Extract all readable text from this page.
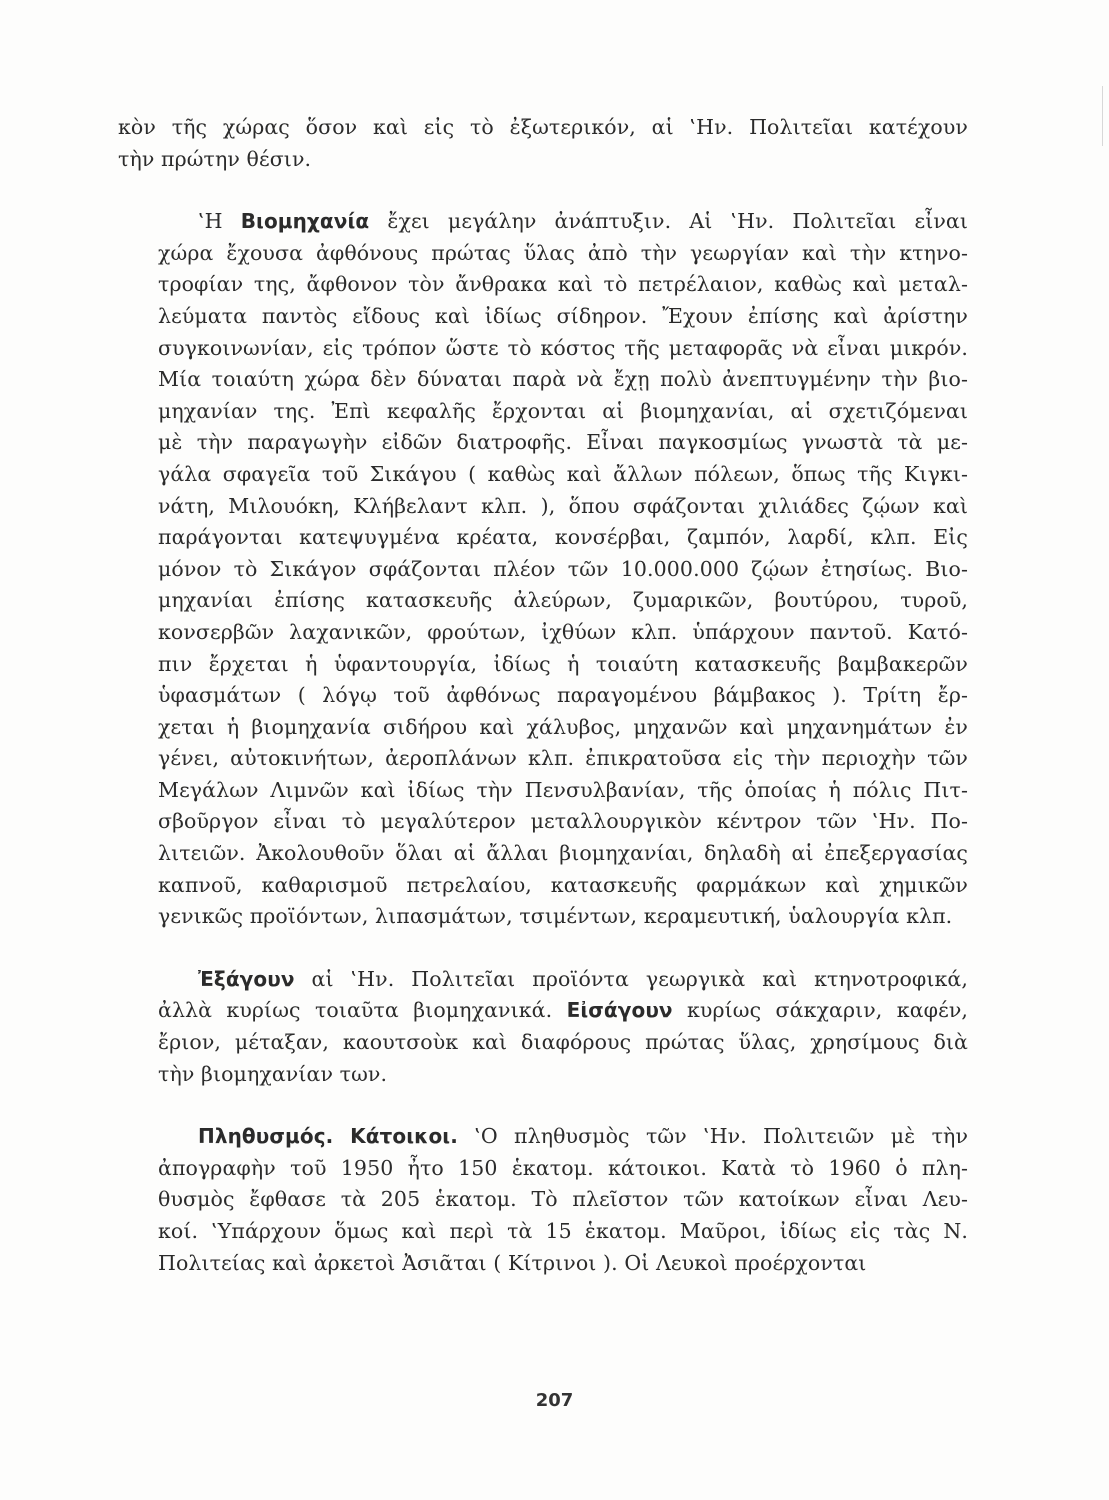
κὸν τῆς χώρας ὅσον καὶ εἰς τὸ ἐξωτερικόν, αἱ ‛Ην. Πολιτεῖαι κατέχουν
τὴν πρώτην θέσιν.
‛Η Βιομηχανία ἔχει μεγάλην ἀνάπτυξιν. Αἱ ‛Ην. Πολιτεῖαι εἶναι
χώρα ἔχουσα ἀφθόνους πρώτας ὕλας ἀπὸ τὴν γεωργίαν καὶ τὴν κτηνο-
τροφίαν της, ἄφθονον τὸν ἄνθρακα καὶ τὸ πετρέλαιον, καθὼς καὶ μεταλ-
λεύματα παντὸς εἴδους καὶ ἰδίως σίδηρον. Ἔχουν ἐπίσης καὶ ἀρίστην
συγκοινωνίαν, εἰς τρόπον ὥστε τὸ κόστος τῆς μεταφορᾶς νὰ εἶναι μικρόν.
Μία τοιαύτη χώρα δὲν δύναται παρὰ νὰ ἔχῃ πολὺ ἀνεπτυγμένην τὴν βιο-
μηχανίαν της. Ἐπὶ κεφαλῆς ἔρχονται αἱ βιομηχανίαι, αἱ σχετιζόμεναι
μὲ τὴν παραγωγὴν εἰδῶν διατροφῆς. Εἶναι παγκοσμίως γνωστὰ τὰ με-
γάλα σφαγεῖα τοῦ Σικάγου ( καθὼς καὶ ἄλλων πόλεων, ὅπως τῆς Κιγκι-
νάτη, Μιλουόκη, Κλήβελαντ κλπ. ), ὅπου σφάζονται χιλιάδες ζῴων καὶ
παράγονται κατεψυγμένα κρέατα, κονσέρβαι, ζαμπόν, λαρδί, κλπ. Εἰς
μόνον τὸ Σικάγον σφάζονται πλέον τῶν 10.000.000 ζῴων ἐτησίως. Βιο-
μηχανίαι ἐπίσης κατασκευῆς ἀλεύρων, ζυμαρικῶν, βουτύρου, τυροῦ,
κονσερβῶν λαχανικῶν, φρούτων, ἰχθύων κλπ. ὑπάρχουν παντοῦ. Κατό-
πιν ἔρχεται ἡ ὑφαντουργία, ἰδίως ἡ τοιαύτη κατασκευῆς βαμβακερῶν
ὑφασμάτων ( λόγῳ τοῦ ἀφθόνως παραγομένου βάμβακος ). Τρίτη ἔρ-
χεται ἡ βιομηχανία σιδήρου καὶ χάλυβος, μηχανῶν καὶ μηχανημάτων ἐν
γένει, αὐτοκινήτων, ἀεροπλάνων κλπ. ἐπικρατοῦσα εἰς τὴν περιοχὴν τῶν
Μεγάλων Λιμνῶν καὶ ἰδίως τὴν Πενσυλβανίαν, τῆς ὁποίας ἡ πόλις Πιτ-
σβοῦργον εἶναι τὸ μεγαλύτερον μεταλλουργικὸν κέντρον τῶν ‛Ην. Πο-
λιτειῶν. Ἀκολουθοῦν ὅλαι αἱ ἄλλαι βιομηχανίαι, δηλαδὴ αἱ ἐπεξεργασίας
καπνοῦ, καθαρισμοῦ πετρελαίου, κατασκευῆς φαρμάκων καὶ χημικῶν
γενικῶς προϊόντων, λιπασμάτων, τσιμέντων, κεραμευτική, ὑαλουργία κλπ.
Ἐξάγουν αἱ ‛Ην. Πολιτεῖαι προϊόντα γεωργικὰ καὶ κτηνοτροφικά,
ἀλλὰ κυρίως τοιαῦτα βιομηχανικά. Εἰσάγουν κυρίως σάκχαριν, καφέν,
ἔριον, μέταξαν, καουτσοὺκ καὶ διαφόρους πρώτας ὕλας, χρησίμους διὰ
τὴν βιομηχανίαν των.
Πληθυσμός. Κάτοικοι. ‛Ο πληθυσμὸς τῶν ‛Ην. Πολιτειῶν μὲ τὴν
ἀπογραφὴν τοῦ 1950 ἦτο 150 ἑκατομ. κάτοικοι. Κατὰ τὸ 1960 ὁ πλη-
θυσμὸς ἔφθασε τὰ 205 ἑκατομ. Τὸ πλεῖστον τῶν κατοίκων εἶναι Λευ-
κοί. ‛Υπάρχουν ὅμως καὶ περὶ τὰ 15 ἑκατομ. Μαῦροι, ἰδίως εἰς τὰς Ν.
Πολιτείας καὶ ἀρκετοὶ Ἀσιᾶται ( Κίτρινοι ). Οἱ Λευκοὶ προέρχονται
207
